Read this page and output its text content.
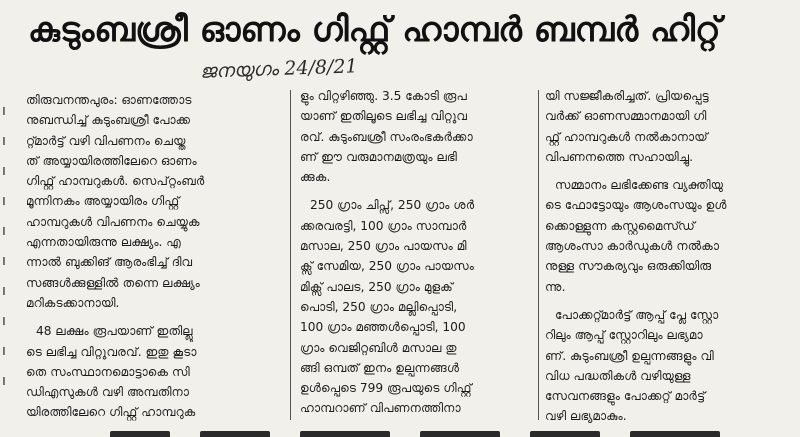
കുടുംബശ്രീ ഓണം ഗിഫ്റ്റ് ഹാമ്പർ ബമ്പർ ഹിറ്റ്
ജനയുഗം 24/8/21
ı
ı
ı
ı
ı
ı
ı
ı
ı
ı
തിരുവനന്തപുരം: ഓണത്തോട
നുബന്ധിച്ച് കുടുംബശ്രീ പോക്ക
റ്റ്മാർട്ട് വഴി വിപണനം ചെയ്ത
ത് അയ്യായിരത്തിലേറെ ഓണം
ഗിഫ്റ്റ് ഹാമ്പറുകൾ. സെപ്റ്റംബർ
മൂന്നിനകം അയ്യായിരം ഗിഫ്റ്റ്
ഹാമ്പറുകൾ വിപണനം ചെയ്യുക
എന്നതായിരുന്നു ലക്ഷ്യം. എ
ന്നാൽ ബുക്കിങ് ആരംഭിച്ച് ദിവ
സങ്ങൾക്കുള്ളിൽ തന്നെ ലക്ഷ്യം
മറികടക്കാനായി.
48 ലക്ഷം രൂപയാണ് ഇതില്ലൂ
ടെ ലഭിച്ച വിറ്റുവരവ്. ഇതു കൂടാ
തെ സംസ്ഥാനമൊട്ടാകെ സി
ഡിഎസുകൾ വഴി അമ്പതിനാ
യിരത്തിലേറെ ഗിഫ്റ്റ് ഹാമ്പറുക
ളും വിറ്റഴിഞ്ഞു. 3.5 കോടി രൂപ
യാണ് ഇതിലൂടെ ലഭിച്ച വിറ്റുവ
രവ്. കുടുംബശ്രീ സംരംഭകർക്കാ
ണ് ഈ വരുമാനമത്രയും ലഭി
ക്കുക.
250 ഗ്രാം ചിപ്സ്, 250 ഗ്രാം ശർ
ക്കരവരട്ടി, 100 ഗ്രാം സാമ്പാർ
മസാല, 250 ഗ്രാം പായസം മി
ക്സ് സേമിയ, 250 ഗ്രാം പായസം
മിക്സ് പാലട, 250 ഗ്രാം മുളക്
പൊടി, 250 ഗ്രാം മല്ലിപ്പൊടി,
100 ഗ്രാം മഞ്ഞൾപ്പൊടി, 100
ഗ്രാം വെജിറ്റബിൾ മസാല തു
ങ്ങി ഒമ്പത് ഇനം ഉല്പന്നങ്ങൾ
ഉൾപ്പെടെ 799 രൂപയുടെ ഗിഫ്റ്റ്
ഹാമ്പറാണ് വിപണനത്തിനാ
യി സജ്ജീകരിച്ചത്. പ്രിയപ്പെട്ട
വർക്ക് ഓണസമ്മാനമായി ഗി
ഫ്റ്റ് ഹാമ്പറുകൾ നൽകാനായ്
വിപണനത്തെ സഹായിച്ചു.
സമ്മാനം ലഭിക്കേണ്ട വ്യക്തിയു
ടെ ഫോട്ടോയും ആശംസയും ഉൾ
ക്കൊള്ളുന്ന കസ്റ്റമൈസ്ഡ്
ആശംസാ കാർഡുകൾ നൽകാ
നുള്ള സൗകര്യവും ഒരുക്കിയിരു
ന്നു.
പോക്കറ്റ്മാർട്ട് ആപ്പ് പ്ലേ സ്റ്റോ
റിലും ആപ്പ് സ്റ്റോറിലും ലഭ്യമാ
ണ്. കുടുംബശ്രീ ഉല്പന്നങ്ങളും വി
വിധ പദ്ധതികൾ വഴിയുള്ള
സേവനങ്ങളും പോക്കറ്റ് മാർട്ട്
വഴി ലഭ്യമാകും.
